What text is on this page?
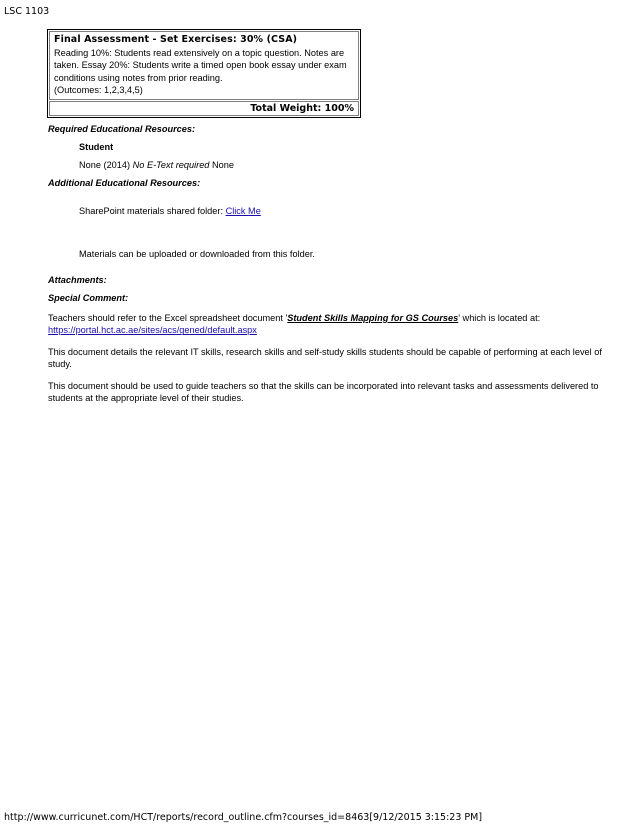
LSC 1103
Final Assessment - Set Exercises: 30% (CSA)
Reading 10%: Students read extensively on a topic question. Notes are
taken. Essay 20%: Students write a timed open book essay under exam
conditions using notes from prior reading.
(Outcomes: 1,2,3,4,5)
Total Weight: 100%
Required Educational Resources:
Student
None (2014) No E-Text required None
Additional Educational Resources:
SharePoint materials shared folder: Click Me
Materials can be uploaded or downloaded from this folder.
Attachments:
Special Comment:
Teachers should refer to the Excel spreadsheet document 'Student Skills Mapping for GS Courses' which is located at:
https://portal.hct.ac.ae/sites/acs/gened/default.aspx
This document details the relevant IT skills, research skills and self-study skills students should be capable of performing at each level of
study.
This document should be used to guide teachers so that the skills can be incorporated into relevant tasks and assessments delivered to
students at the appropriate level of their studies.
http://www.curricunet.com/HCT/reports/record_outline.cfm?courses_id=8463[9/12/2015 3:15:23 PM]
